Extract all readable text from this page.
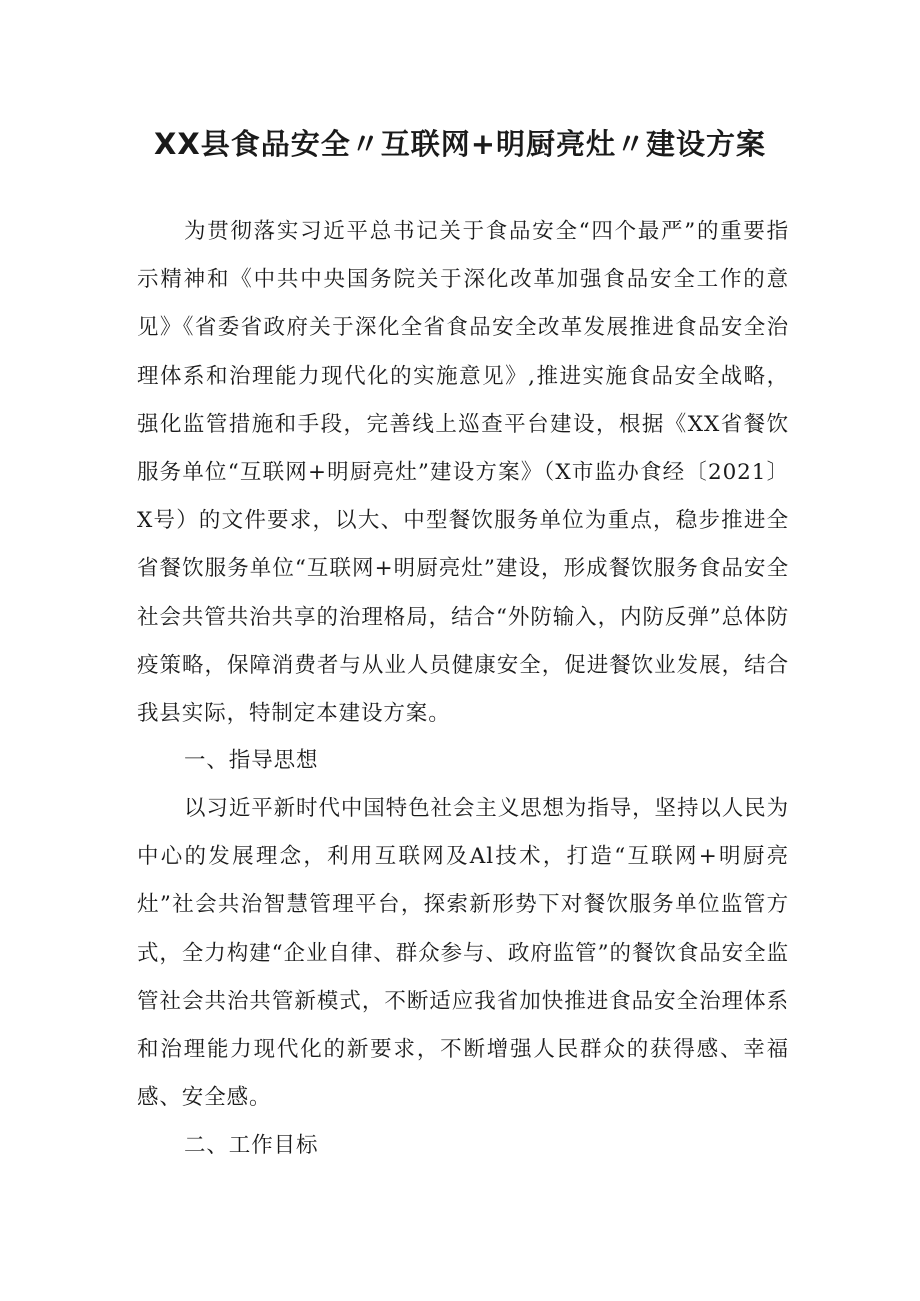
XX县食品安全〃互联网+明厨亮灶〃建设方案

为贯彻落实习近平总书记关于食品安全“四个最严”的重要指示精神和《中共中央国务院关于深化改革加强食品安全工作的意见》《省委省政府关于深化全省食品安全改革发展推进食品安全治理体系和治理能力现代化的实施意见》,推进实施食品安全战略，强化监管措施和手段，完善线上巡查平台建设，根据《XX省餐饮服务单位“互联网+明厨亮灶”建设方案》（X市监办食经〔2021〕X号）的文件要求，以大、中型餐饮服务单位为重点，稳步推进全省餐饮服务单位“互联网+明厨亮灶”建设，形成餐饮服务食品安全社会共管共治共享的治理格局，结合“外防输入，内防反弹”总体防疫策略，保障消费者与从业人员健康安全，促进餐饮业发展，结合我县实际，特制定本建设方案。

一、指导思想

以习近平新时代中国特色社会主义思想为指导，坚持以人民为中心的发展理念，利用互联网及Al技术，打造“互联网+明厨亮灶”社会共治智慧管理平台，探索新形势下对餐饮服务单位监管方式，全力构建“企业自律、群众参与、政府监管”的餐饮食品安全监管社会共治共管新模式，不断适应我省加快推进食品安全治理体系和治理能力现代化的新要求，不断增强人民群众的获得感、幸福感、安全感。

二、工作目标
